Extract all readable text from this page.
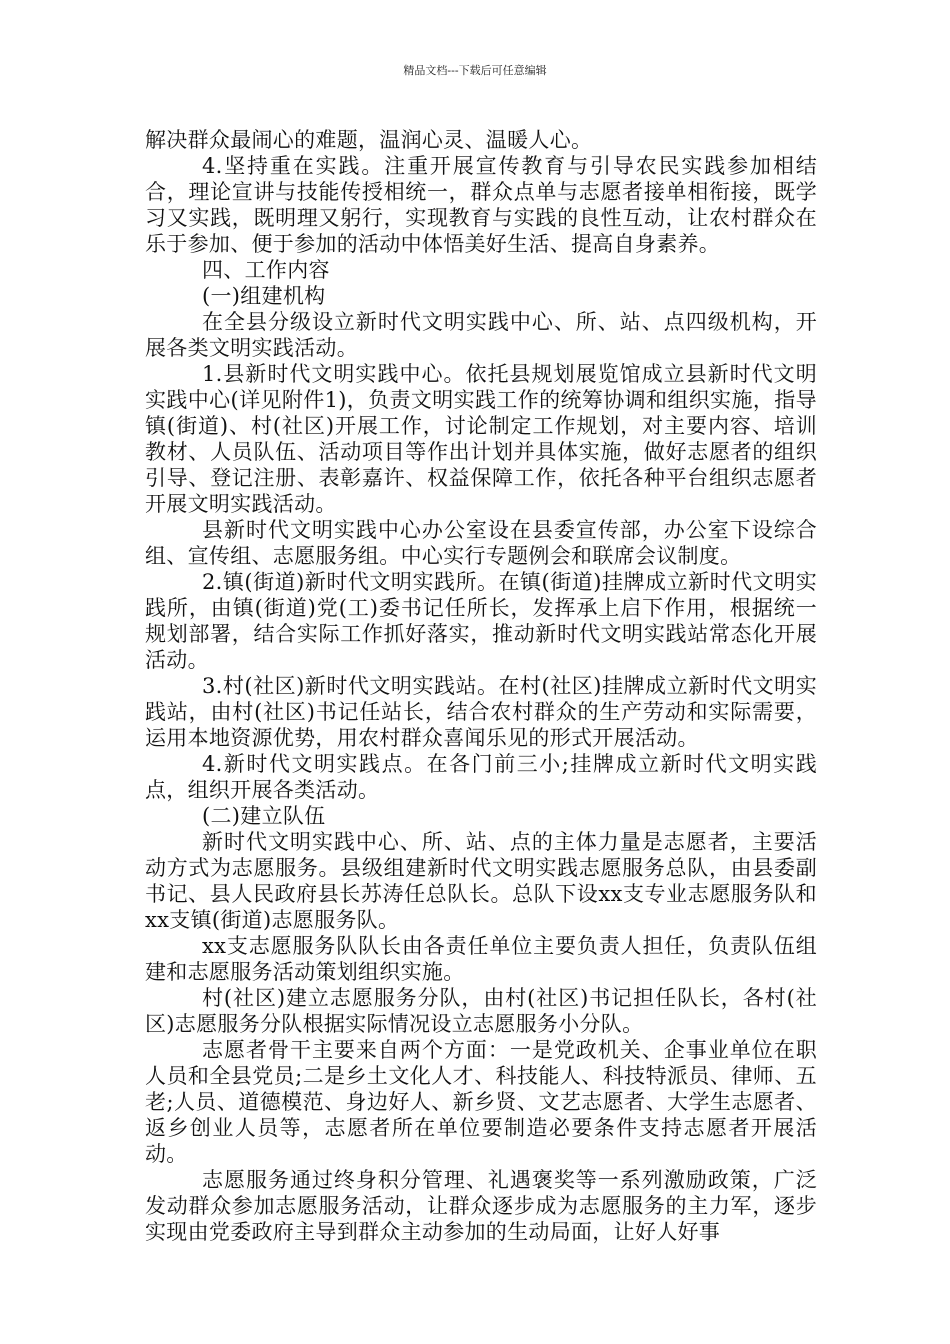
精品文档---下载后可任意编辑

解决群众最闹心的难题，温润心灵、温暖人心。

4.坚持重在实践。注重开展宣传教育与引导农民实践参加相结合，理论宣讲与技能传授相统一，群众点单与志愿者接单相衔接，既学习又实践，既明理又躬行，实现教育与实践的良性互动，让农村群众在乐于参加、便于参加的活动中体悟美好生活、提高自身素养。

四、工作内容

(一)组建机构

在全县分级设立新时代文明实践中心、所、站、点四级机构，开展各类文明实践活动。

1.县新时代文明实践中心。依托县规划展览馆成立县新时代文明实践中心(详见附件1)，负责文明实践工作的统筹协调和组织实施，指导镇(街道)、村(社区)开展工作，讨论制定工作规划，对主要内容、培训教材、人员队伍、活动项目等作出计划并具体实施，做好志愿者的组织引导、登记注册、表彰嘉许、权益保障工作，依托各种平台组织志愿者开展文明实践活动。

县新时代文明实践中心办公室设在县委宣传部，办公室下设综合组、宣传组、志愿服务组。中心实行专题例会和联席会议制度。

2.镇(街道)新时代文明实践所。在镇(街道)挂牌成立新时代文明实践所，由镇(街道)党(工)委书记任所长，发挥承上启下作用，根据统一规划部署，结合实际工作抓好落实，推动新时代文明实践站常态化开展活动。

3.村(社区)新时代文明实践站。在村(社区)挂牌成立新时代文明实践站，由村(社区)书记任站长，结合农村群众的生产劳动和实际需要，运用本地资源优势，用农村群众喜闻乐见的形式开展活动。

4.新时代文明实践点。在各门前三小;挂牌成立新时代文明实践点，组织开展各类活动。

(二)建立队伍

新时代文明实践中心、所、站、点的主体力量是志愿者，主要活动方式为志愿服务。县级组建新时代文明实践志愿服务总队，由县委副书记、县人民政府县长苏涛任总队长。总队下设xx支专业志愿服务队和xx支镇(街道)志愿服务队。

xx支志愿服务队队长由各责任单位主要负责人担任，负责队伍组建和志愿服务活动策划组织实施。

村(社区)建立志愿服务分队，由村(社区)书记担任队长，各村(社区)志愿服务分队根据实际情况设立志愿服务小分队。

志愿者骨干主要来自两个方面：一是党政机关、企事业单位在职人员和全县党员;二是乡土文化人才、科技能人、科技特派员、律师、五老;人员、道德模范、身边好人、新乡贤、文艺志愿者、大学生志愿者、返乡创业人员等，志愿者所在单位要制造必要条件支持志愿者开展活动。

志愿服务通过终身积分管理、礼遇褒奖等一系列激励政策，广泛发动群众参加志愿服务活动，让群众逐步成为志愿服务的主力军，逐步实现由党委政府主导到群众主动参加的生动局面，让好人好事
